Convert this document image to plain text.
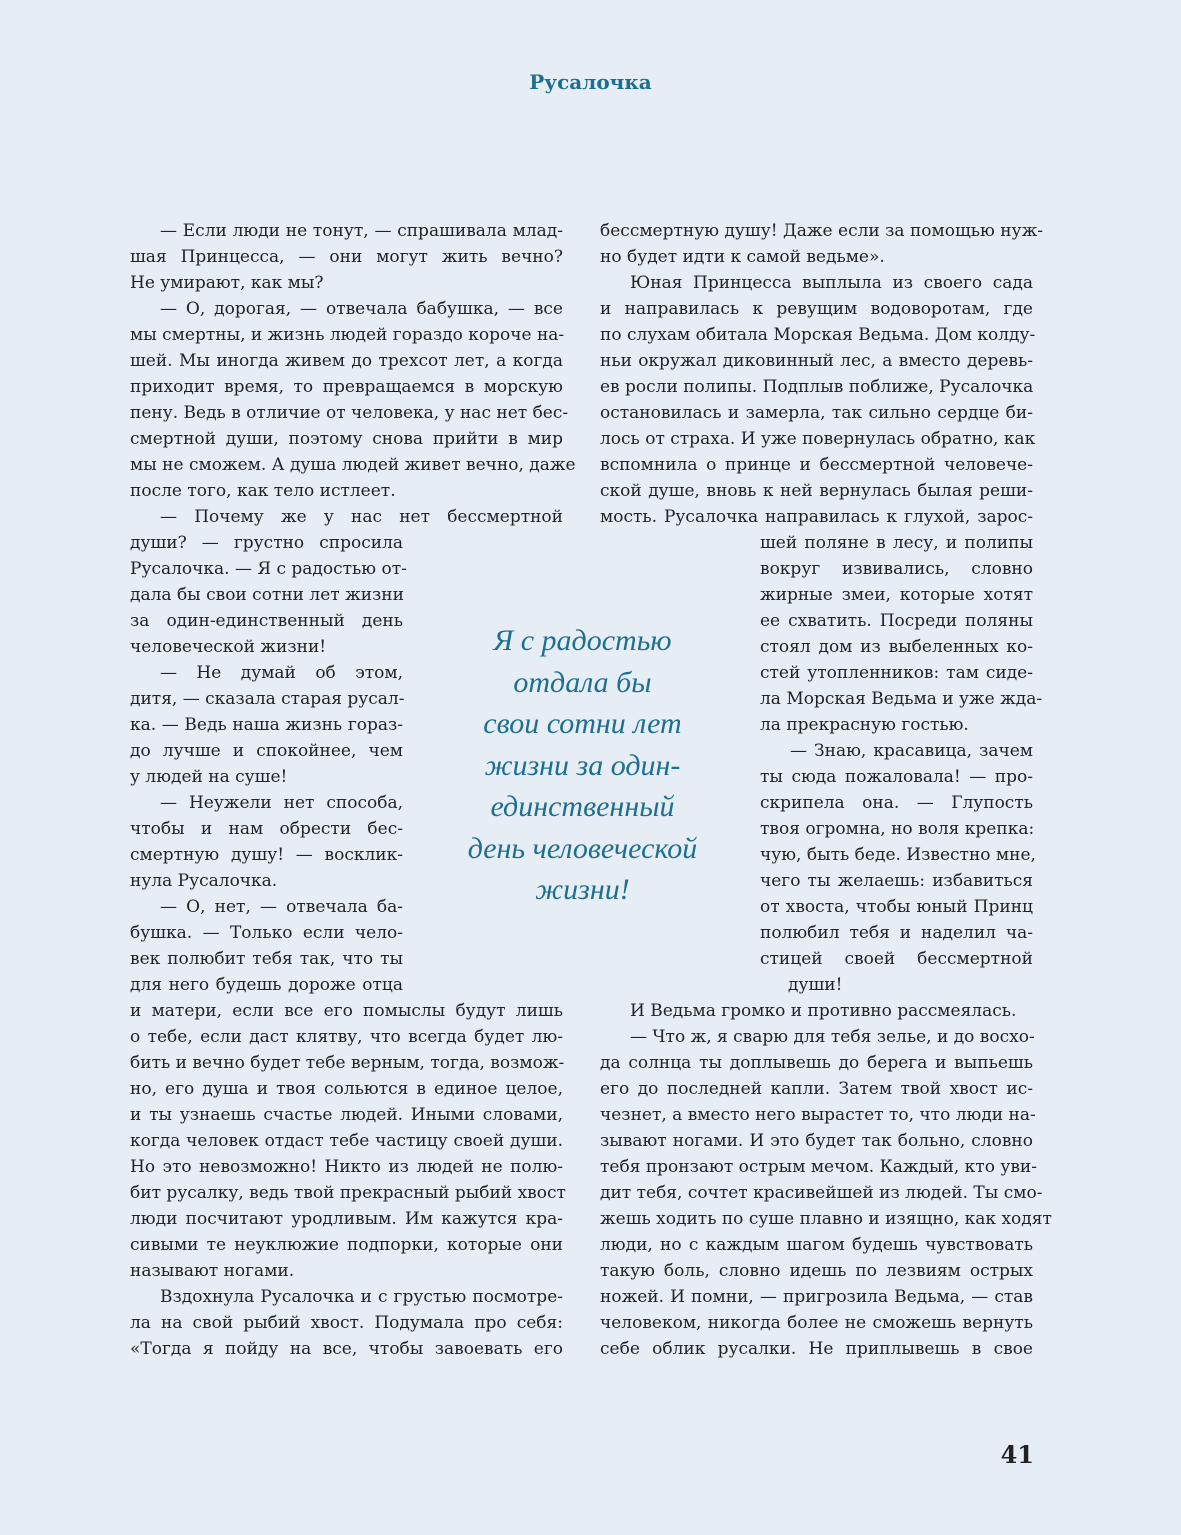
Русалочка
— Если люди не тонут, — спрашивала млад-
шая Принцесса, — они могут жить вечно?
Не умирают, как мы?
— О, дорогая, — отвечала бабушка, — все
мы смертны, и жизнь людей гораздо короче на-
шей. Мы иногда живем до трехсот лет, а когда
приходит время, то превращаемся в морскую
пену. Ведь в отличие от человека, у нас нет бес-
смертной души, поэтому снова прийти в мир
мы не сможем. А душа людей живет вечно, даже
после того, как тело истлеет.
— Почему же у нас нет бессмертной
души? — грустно спросила
Русалочка. — Я с радостью от-
дала бы свои сотни лет жизни
за один-единственный день
человеческой жизни!
— Не думай об этом,
дитя, — сказала старая русал-
ка. — Ведь наша жизнь гораз-
до лучше и спокойнее, чем
у людей на суше!
— Неужели нет способа,
чтобы и нам обрести бес-
смертную душу! — восклик-
нула Русалочка.
— О, нет, — отвечала ба-
бушка. — Только если чело-
век полюбит тебя так, что ты
для него будешь дороже отца
и матери, если все его помыслы будут лишь
о тебе, если даст клятву, что всегда будет лю-
бить и вечно будет тебе верным, тогда, возмож-
но, его душа и твоя сольются в единое целое,
и ты узнаешь счастье людей. Иными словами,
когда человек отдаст тебе частицу своей души.
Но это невозможно! Никто из людей не полю-
бит русалку, ведь твой прекрасный рыбий хвост
люди посчитают уродливым. Им кажутся кра-
сивыми те неуклюжие подпорки, которые они
называют ногами.
Вздохнула Русалочка и с грустью посмотре-
ла на свой рыбий хвост. Подумала про себя:
«Тогда я пойду на все, чтобы завоевать его
бессмертную душу! Даже если за помощью нуж-
но будет идти к самой ведьме».
Юная Принцесса выплыла из своего сада
и направилась к ревущим водоворотам, где
по слухам обитала Морская Ведьма. Дом колду-
ньи окружал диковинный лес, а вместо деревь-
ев росли полипы. Подплыв поближе, Русалочка
остановилась и замерла, так сильно сердце би-
лось от страха. И уже повернулась обратно, как
вспомнила о принце и бессмертной человече-
ской душе, вновь к ней вернулась былая реши-
мость. Русалочка направилась к глухой, зарос-
шей поляне в лесу, и полипы
вокруг извивались, словно
жирные змеи, которые хотят
ее схватить. Посреди поляны
стоял дом из выбеленных ко-
стей утопленников: там сиде-
ла Морская Ведьма и уже жда-
ла прекрасную гостью.
— Знаю, красавица, зачем
ты сюда пожаловала! — про-
скрипела она. — Глупость
твоя огромна, но воля крепка:
чую, быть беде. Известно мне,
чего ты желаешь: избавиться
от хвоста, чтобы юный Принц
полюбил тебя и наделил ча-
стицей своей бессмертной
души!
И Ведьма громко и противно рассмеялась.
— Что ж, я сварю для тебя зелье, и до восхо-
да солнца ты доплывешь до берега и выпьешь
его до последней капли. Затем твой хвост ис-
чезнет, а вместо него вырастет то, что люди на-
зывают ногами. И это будет так больно, словно
тебя пронзают острым мечом. Каждый, кто уви-
дит тебя, сочтет красивейшей из людей. Ты смо-
жешь ходить по суше плавно и изящно, как ходят
люди, но с каждым шагом будешь чувствовать
такую боль, словно идешь по лезвиям острых
ножей. И помни, — пригрозила Ведьма, — став
человеком, никогда более не сможешь вернуть
себе облик русалки. Не приплывешь в свое
Я с радостью
отдала бы
свои сотни лет
жизни за один-
единственный
день человеческой
жизни!
41
